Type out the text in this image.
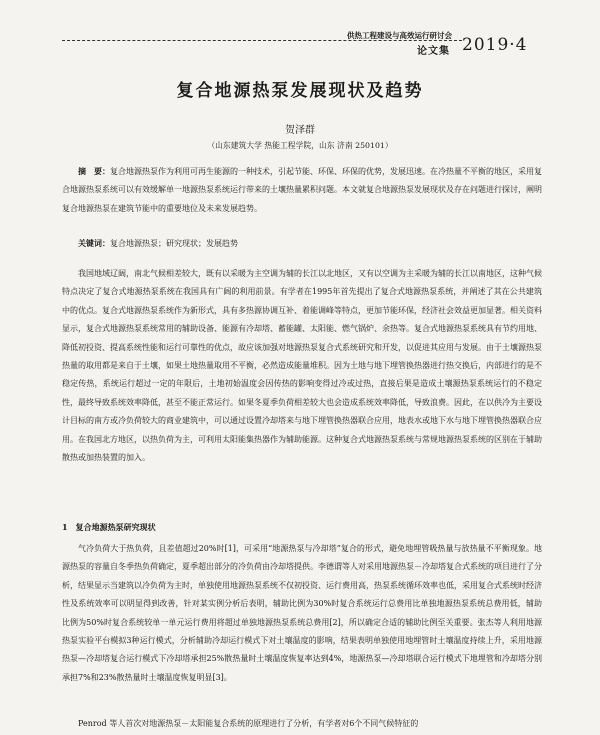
供热工程建设与高效运行研讨会
论文集 2019·4
复合地源热泵发展现状及趋势
贺泽群
（山东建筑大学 热能工程学院，山东 济南 250101）
摘　要：复合地源热泵作为利用可再生能源的一种技术，引起节能、环保、环保的优势，发展迅速。在冷热量不平衡的地区，采用复合地源热泵系统可以有效缓解单一地源热泵系统运行带来的土壤热量累积问题。本文就复合地源热泵发展现状及存在问题进行探讨，阐明复合地源热泵在建筑节能中的重要地位及未来发展趋势。
关键词：复合地源热泵；研究现状；发展趋势
我国地域辽阔，南北气候相差较大，既有以采暖为主空调为辅的长江以北地区，又有以空调为主采暖为辅的长江以南地区，这种气候特点决定了复合式地源热泵系统在我国具有广阔的利用前景。有学者在1995年首先提出了复合式地源热泵系统，并阐述了其在公共建筑中的优点。复合式地源热泵系统作为新形式，具有多热源协调互补、着能调峰等特点，更加节能环保，经济社会效益更加显著。相关资料显示，复合式地源热泵系统常用的辅助设备、能源有冷却塔、蓄能罐、太阳能、燃气锅炉、余热等。复合式地源热泵系统具有节约用地、降低初投资、提高系统性能和运行可靠性的优点，故应该加强对地源热泵复合式系统研究和开发，以促进其应用与发展。由于土壤源热泵热量的取用都是来自于土壤，如果土地热量取用不平衡，必然造成能量堆积。因为土地与地下埋管换热器进行热交换后，内部进行的是不稳定传热，系统运行超过一定的年限后，土地初始温度会因传热的影响变得过冷或过热，直接后果是造成土壤源热泵系统运行的不稳定性，最终导致系统效率降低，甚至不能正常运行。如果冬夏季负荷相差较大也会造成系统效率降低，导致浪费。因此，在以供冷为主要设计目标的南方或冷负荷较大的商业建筑中，可以通过设置冷却塔来与地下埋管换热器联合应用，地表水或地下水与地下埋管换热器联合应用。在我国北方地区，以热负荷为主，可利用太阳能集热器作为辅助能源。这种复合式地源热泵系统与常规地源热泵系统的区别在于辅助散热或加热装置的加入。
1　复合地源热泵研究现状
气冷负荷大于热负荷，且差值超过20%时[1]，可采用“地源热泵与冷却塔”复合的形式，避免地埋管吸热量与放热量不平衡现象。地源热泵的容量自冬季热负荷确定，夏季超出部分的冷负荷由冷却塔提供。李德谓等人对采用地源热泵－冷却塔复合式系统的项目进行了分析，结果显示当建筑以冷负荷为主时，单独使用地源热泵系统不仅初投资、运行费用高，热泵系统循环效率也低，采用复合式系统时经济性及系统效率可以明显得到改善，针对某实例分析后表明，辅助比例为30%时复合系统运行总费用比单独地源热泵系统总费用低，辅助比例为50%时复合系统较单一单元运行费用将超过单独地源热泵系统总费用[2]，所以确定合适的辅助比例至关重要。张杰等人利用地源热泵实验平台模拟3种运行模式，分析辅助冷却运行模式下对土壤温度的影响，结果表明单独使用地埋管时土壤温度持续上升，采用地源热泵—冷却塔复合运行模式下冷却塔承担25%散热量时土壤温度恢复率达到4%，地源热泵—冷却塔联合运行模式下地埋管和冷却塔分别承担7%和23%散热量时土壤温度恢复明显[3]。
Penrod 等人首次对地源热泵－太阳能复合系统的原理进行了分析，有学者对6个不同气候特征的
